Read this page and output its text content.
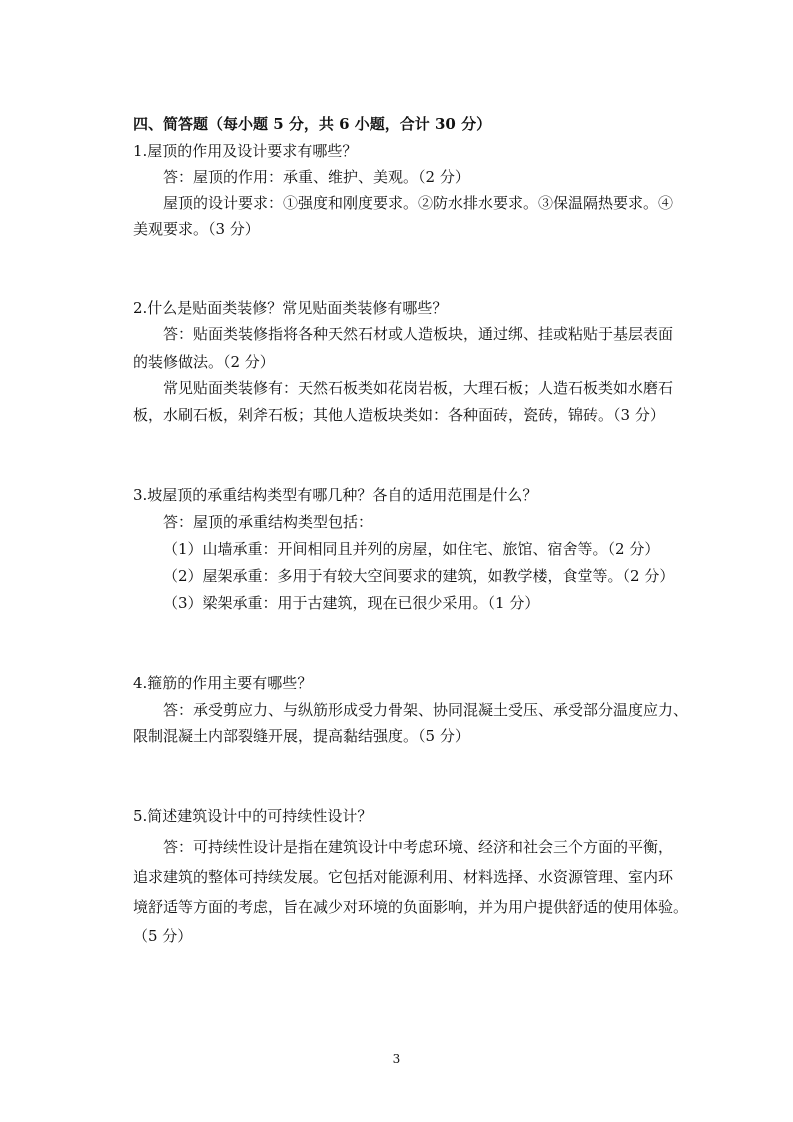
四、简答题（每小题 5 分，共 6 小题，合计 30 分）
1.屋顶的作用及设计要求有哪些？
答：屋顶的作用：承重、维护、美观。（2 分）
屋顶的设计要求：①强度和刚度要求。②防水排水要求。③保温隔热要求。④
美观要求。（3 分）
2.什么是贴面类装修？常见贴面类装修有哪些？
答：贴面类装修指将各种天然石材或人造板块，通过绑、挂或粘贴于基层表面
的装修做法。（2 分）
常见贴面类装修有：天然石板类如花岗岩板，大理石板；人造石板类如水磨石
板，水刷石板，剁斧石板；其他人造板块类如：各种面砖，瓷砖，锦砖。（3 分）
3.坡屋顶的承重结构类型有哪几种？各自的适用范围是什么？
答：屋顶的承重结构类型包括：
（1）山墙承重：开间相同且并列的房屋，如住宅、旅馆、宿舍等。（2 分）
（2）屋架承重：多用于有较大空间要求的建筑，如教学楼，食堂等。（2 分）
（3）梁架承重：用于古建筑，现在已很少采用。（1 分）
4.箍筋的作用主要有哪些？
答：承受剪应力、与纵筋形成受力骨架、协同混凝土受压、承受部分温度应力、
限制混凝土内部裂缝开展，提高黏结强度。（5 分）
5.简述建筑设计中的可持续性设计？
答：可持续性设计是指在建筑设计中考虑环境、经济和社会三个方面的平衡，
追求建筑的整体可持续发展。它包括对能源利用、材料选择、水资源管理、室内环
境舒适等方面的考虑，旨在减少对环境的负面影响，并为用户提供舒适的使用体验。
（5 分）
3
